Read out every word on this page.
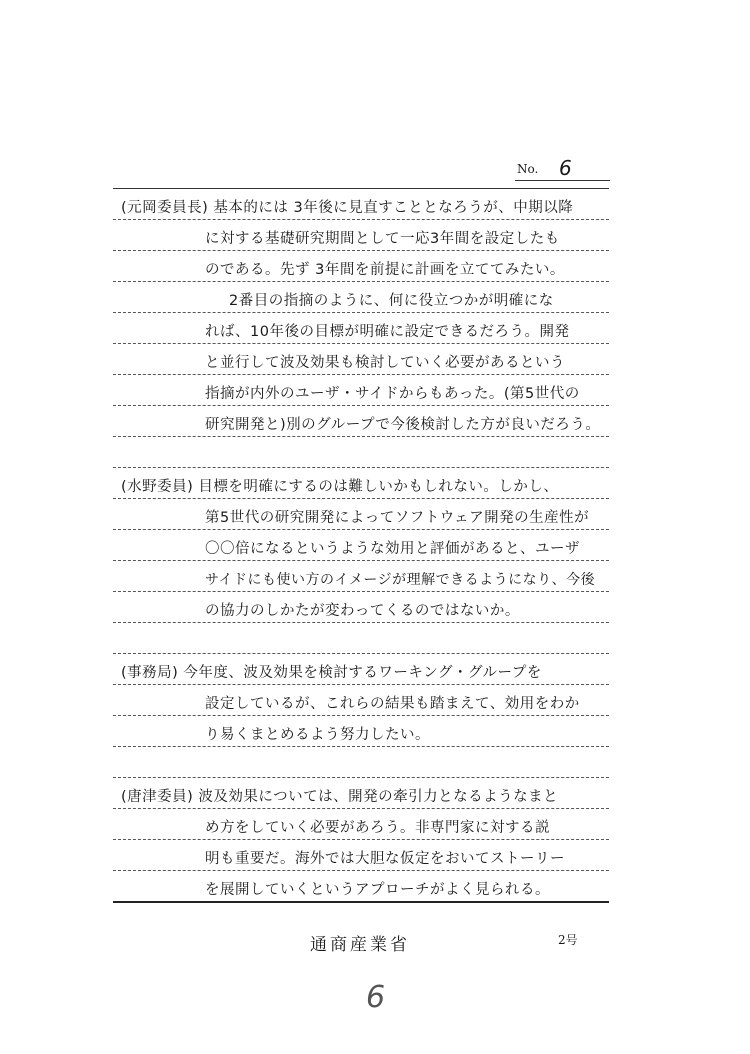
No. 6
(元岡委員長) 基本的には 3年後に見直すこととなろうが、中期以降
に対する基礎研究期間として一応3年間を設定したも
のである。先ず 3年間を前提に計画を立ててみたい。
2番目の指摘のように、何に役立つかが明確にな
れば、10年後の目標が明確に設定できるだろう。開発
と並行して波及効果も検討していく必要があるという
指摘が内外のユーザ・サイドからもあった。(第5世代の
研究開発と)別のグループで今後検討した方が良いだろう。
(水野委員) 目標を明確にするのは難しいかもしれない。しかし、
第5世代の研究開発によってソフトウェア開発の生産性が
〇〇倍になるというような効用と評価があると、ユーザ
サイドにも使い方のイメージが理解できるようになり、今後
の協力のしかたが変わってくるのではないか。
(事務局) 今年度、波及効果を検討するワーキング・グループを
設定しているが、これらの結果も踏まえて、効用をわか
り易くまとめるよう努力したい。
(唐津委員) 波及効果については、開発の牽引力となるようなまと
め方をしていく必要があろう。非専門家に対する説
明も重要だ。海外では大胆な仮定をおいてストーリー
を展開していくというアプローチがよく見られる。
通商産業省	2号
6
